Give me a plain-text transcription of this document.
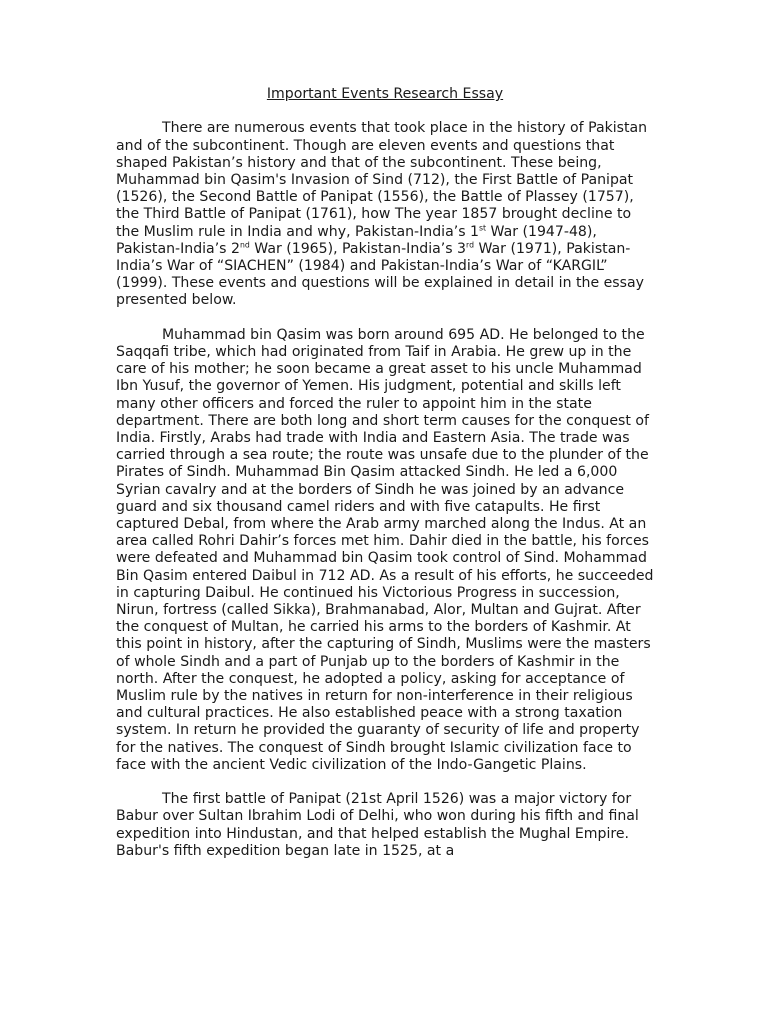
Important Events Research Essay

There are numerous events that took place in the history of Pakistan and of the subcontinent. Though are eleven events and questions that shaped Pakistan’s history and that of the subcontinent. These being, Muhammad bin Qasim's Invasion of Sind (712), the First Battle of Panipat (1526), the Second Battle of Panipat (1556), the Battle of Plassey (1757), the Third Battle of Panipat (1761), how The year 1857 brought decline to the Muslim rule in India and why, Pakistan-India’s 1st War (1947-48), Pakistan-India’s 2nd War (1965), Pakistan-India’s 3rd War (1971), Pakistan-India’s War of “SIACHEN” (1984) and Pakistan-India’s War of “KARGIL” (1999). These events and questions will be explained in detail in the essay presented below.

Muhammad bin Qasim was born around 695 AD. He belonged to the Saqqafi tribe, which had originated from Taif in Arabia. He grew up in the care of his mother; he soon became a great asset to his uncle Muhammad Ibn Yusuf, the governor of Yemen. His judgment, potential and skills left many other officers and forced the ruler to appoint him in the state department. There are both long and short term causes for the conquest of India. Firstly, Arabs had trade with India and Eastern Asia. The trade was carried through a sea route; the route was unsafe due to the plunder of the Pirates of Sindh. Muhammad Bin Qasim attacked Sindh. He led a 6,000 Syrian cavalry and at the borders of Sindh he was joined by an advance guard and six thousand camel riders and with five catapults. He first captured Debal, from where the Arab army marched along the Indus. At an area called Rohri Dahir’s forces met him. Dahir died in the battle, his forces were defeated and Muhammad bin Qasim took control of Sind. Mohammad Bin Qasim entered Daibul in 712 AD. As a result of his efforts, he succeeded in capturing Daibul. He continued his Victorious Progress in succession, Nirun, fortress (called Sikka), Brahmanabad, Alor, Multan and Gujrat. After the conquest of Multan, he carried his arms to the borders of Kashmir. At this point in history, after the capturing of Sindh, Muslims were the masters of whole Sindh and a part of Punjab up to the borders of Kashmir in the north. After the conquest, he adopted a policy, asking for acceptance of Muslim rule by the natives in return for non-interference in their religious and cultural practices. He also established peace with a strong taxation system. In return he provided the guaranty of security of life and property for the natives. The conquest of Sindh brought Islamic civilization face to face with the ancient Vedic civilization of the Indo-Gangetic Plains.

The first battle of Panipat (21st April 1526) was a major victory for Babur over Sultan Ibrahim Lodi of Delhi, who won during his fifth and final expedition into Hindustan, and that helped establish the Mughal Empire. Babur's fifth expedition began late in 1525, at a
